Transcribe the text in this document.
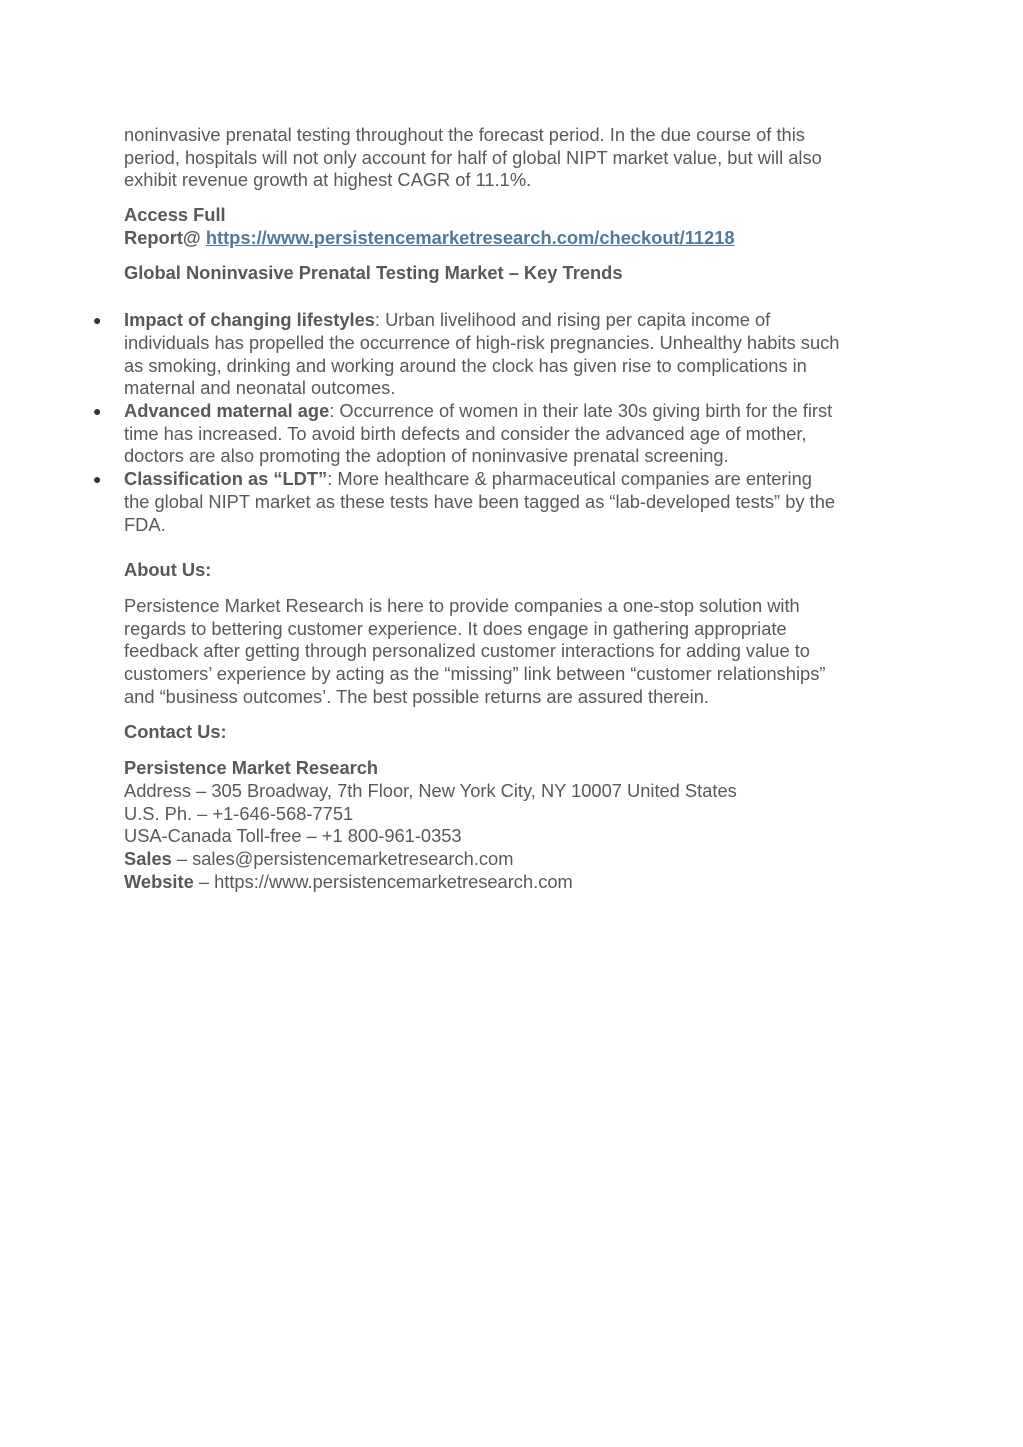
noninvasive prenatal testing throughout the forecast period. In the due course of this
period, hospitals will not only account for half of global NIPT market value, but will also
exhibit revenue growth at highest CAGR of 11.1%.

Access Full
Report@ https://www.persistencemarketresearch.com/checkout/11218

Global Noninvasive Prenatal Testing Market – Key Trends

● Impact of changing lifestyles: Urban livelihood and rising per capita income of
individuals has propelled the occurrence of high-risk pregnancies. Unhealthy habits such
as smoking, drinking and working around the clock has given rise to complications in
maternal and neonatal outcomes.
● Advanced maternal age: Occurrence of women in their late 30s giving birth for the first
time has increased. To avoid birth defects and consider the advanced age of mother,
doctors are also promoting the adoption of noninvasive prenatal screening.
● Classification as “LDT”: More healthcare & pharmaceutical companies are entering
the global NIPT market as these tests have been tagged as “lab-developed tests” by the
FDA.

About Us:

Persistence Market Research is here to provide companies a one-stop solution with
regards to bettering customer experience. It does engage in gathering appropriate
feedback after getting through personalized customer interactions for adding value to
customers’ experience by acting as the “missing” link between “customer relationships”
and “business outcomes’. The best possible returns are assured therein.

Contact Us:

Persistence Market Research
Address – 305 Broadway, 7th Floor, New York City, NY 10007 United States
U.S. Ph. – +1-646-568-7751
USA-Canada Toll-free – +1 800-961-0353
Sales – sales@persistencemarketresearch.com
Website – https://www.persistencemarketresearch.com
